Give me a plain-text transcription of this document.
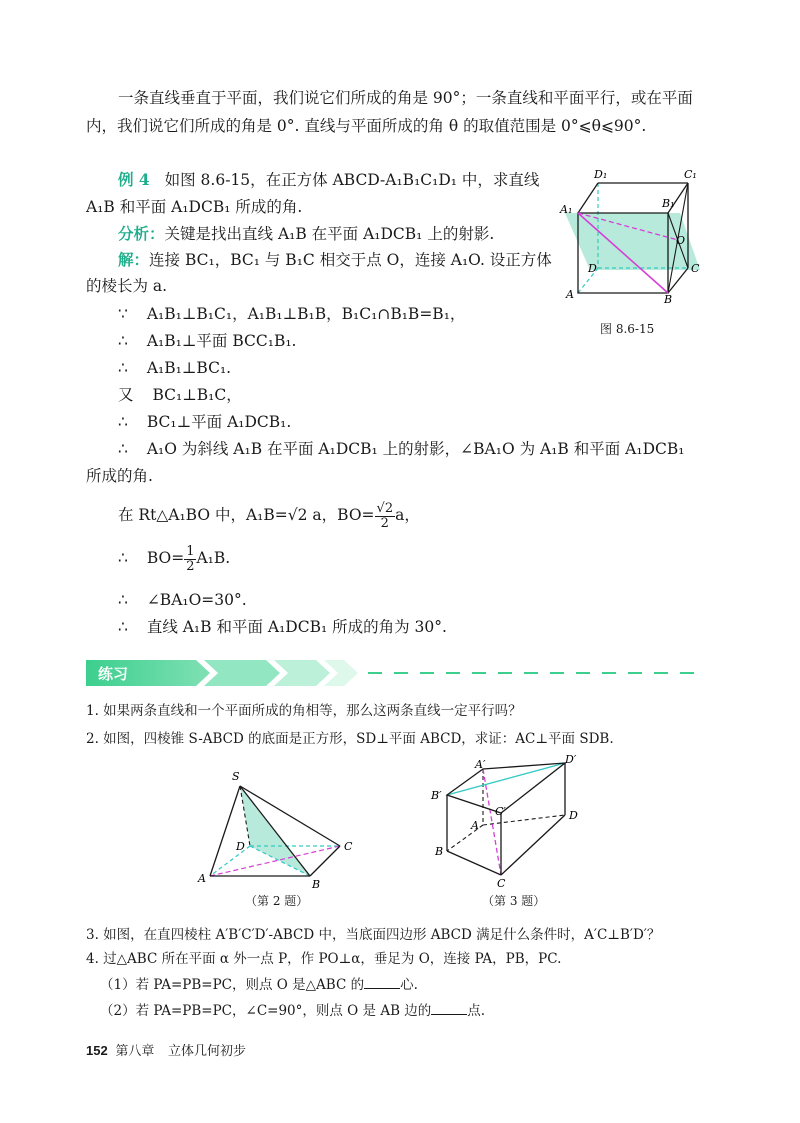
一条直线垂直于平面，我们说它们所成的角是 90°；一条直线和平面平行，或在平面
内，我们说它们所成的角是 0°. 直线与平面所成的角 θ 的取值范围是 0°⩽θ⩽90°.
例 4 如图 8.6-15，在正方体 ABCD-A₁B₁C₁D₁ 中，求直线
A₁B 和平面 A₁DCB₁ 所成的角.
分析：关键是找出直线 A₁B 在平面 A₁DCB₁ 上的射影.
解：连接 BC₁，BC₁ 与 B₁C 相交于点 O，连接 A₁O. 设正方体
的棱长为 a.
∵ A₁B₁⊥B₁C₁，A₁B₁⊥B₁B，B₁C₁∩B₁B=B₁，
∴ A₁B₁⊥平面 BCC₁B₁.
∴ A₁B₁⊥BC₁.
又 BC₁⊥B₁C，
∴ BC₁⊥平面 A₁DCB₁.
∴ A₁O 为斜线 A₁B 在平面 A₁DCB₁ 上的射影，∠BA₁O 为 A₁B 和平面 A₁DCB₁
所成的角.
在 Rt△A₁BO 中，A₁B=√2 a，$BO= \frac{√2}{2}$ a，
∴ $BO= \frac{1}{2} A_1B$.
∴ ∠BA₁O=30°.
∴ 直线 A₁B 和平面 A₁DCB₁ 所成的角为 30°.
D₁	C₁
A₁	B₁
O
D	C
A	B
图 8.6-15
练习
1. 如果两条直线和一个平面所成的角相等，那么这两条直线一定平行吗？
2. 如图，四棱锥 S-ABCD 的底面是正方形，SD⊥平面 ABCD，求证：AC⊥平面 SDB.
S
D	C
A	B
（第 2 题）
A′	D′
B′
C′
A
D
B
C
（第 3 题）
3. 如图，在直四棱柱 A′B′C′D′-ABCD 中，当底面四边形 ABCD 满足什么条件时，A′C⊥B′D′？
4. 过△ABC 所在平面 α 外一点 P，作 PO⊥α，垂足为 O，连接 PA，PB，PC.
（1）若 PA=PB=PC，则点 O 是△ABC 的	心.
（2）若 PA=PB=PC，∠C=90°，则点 O 是 AB 边的	点.
152 第八章 立体几何初步
